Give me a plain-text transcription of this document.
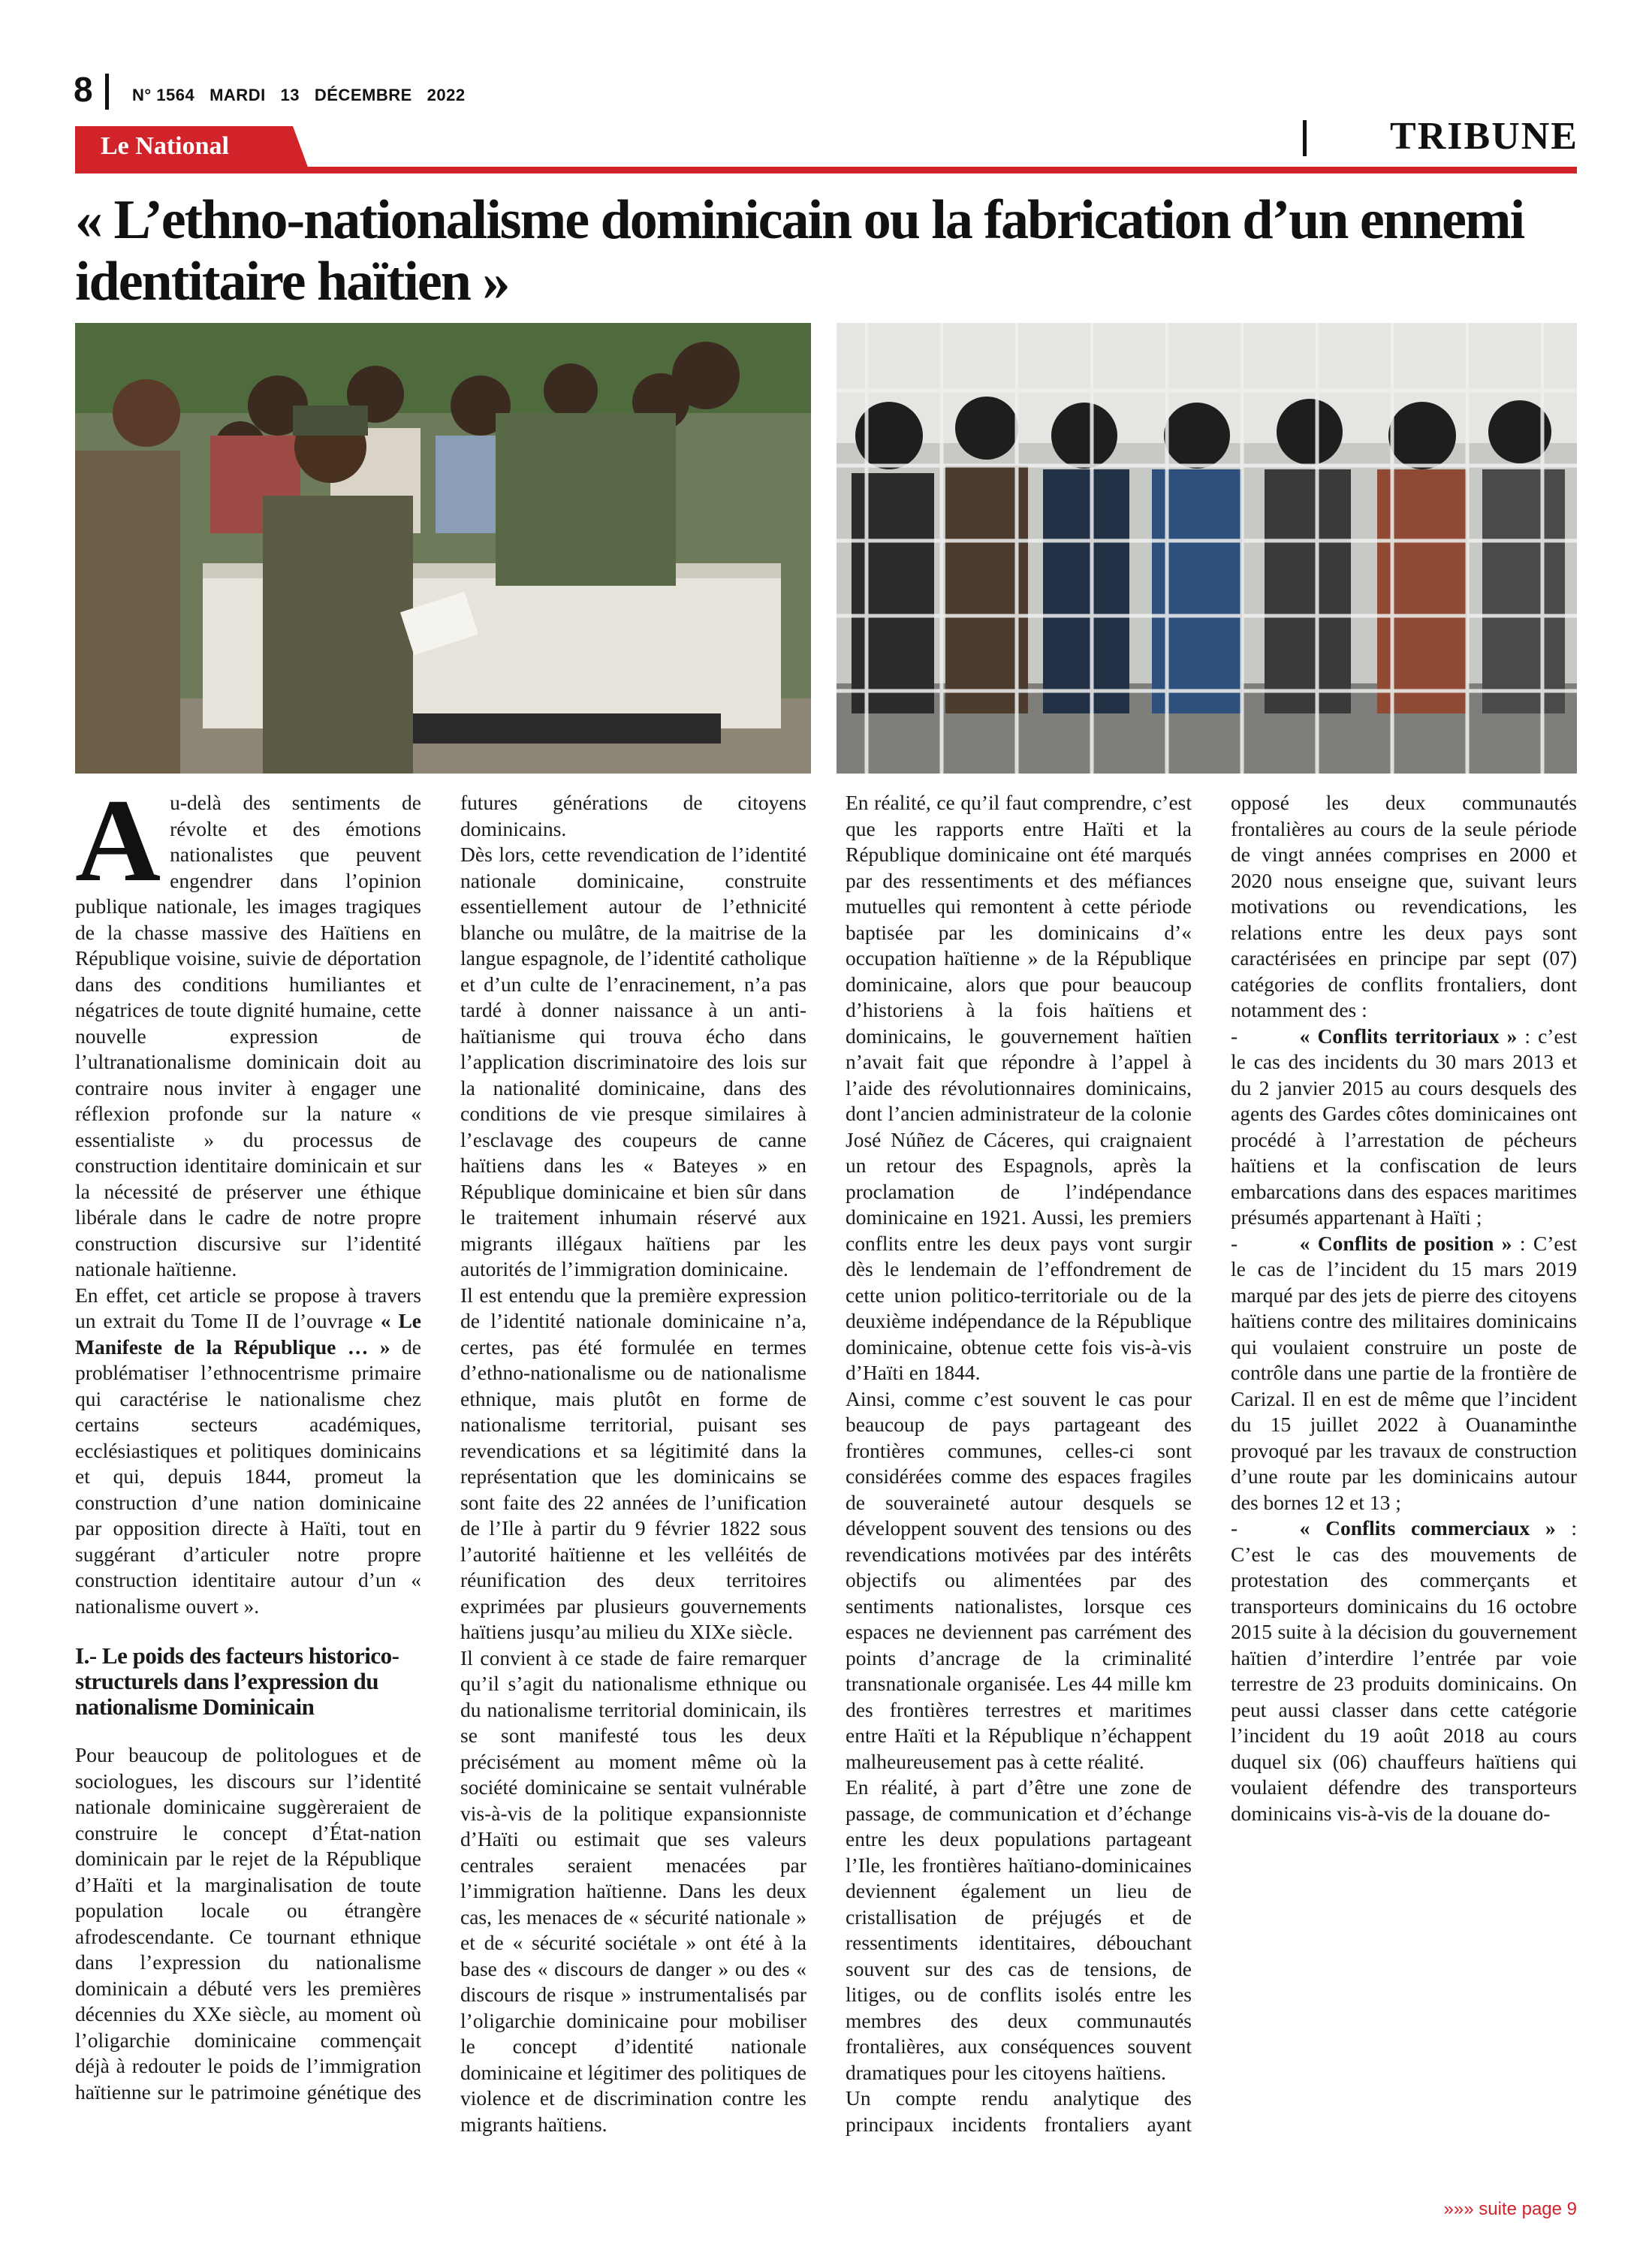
8 N° 1564 MARDI 13 DÉCEMBRE 2022
Le National	TRIBUNE
« L’ethno-nationalisme dominicain ou la fabrication d’un ennemi identitaire haïtien »

Au-delà des sentiments de révolte et des émotions nationalistes que peuvent engendrer dans l’opinion publique nationale, les images tragiques de la chasse massive des Haïtiens en République voisine, suivie de déportation dans des conditions humiliantes et négatrices de toute dignité humaine, cette nouvelle expression de l’ultranationalisme dominicain doit au contraire nous inviter à engager une réflexion profonde sur la nature « essentialiste » du processus de construction identitaire dominicain et sur la nécessité de préserver une éthique libérale dans le cadre de notre propre construction discursive sur l’identité nationale haïtienne.

En effet, cet article se propose à travers un extrait du Tome II de l’ouvrage « Le Manifeste de la République … » de problématiser l’ethnocentrisme primaire qui caractérise le nationalisme chez certains secteurs académiques, ecclésiastiques et politiques dominicains et qui, depuis 1844, promeut la construction d’une nation dominicaine par opposition directe à Haïti, tout en suggérant d’articuler notre propre construction identitaire autour d’un « nationalisme ouvert ».

I.- Le poids des facteurs historico-structurels dans l’expression du nationalisme Dominicain

Pour beaucoup de politologues et de sociologues, les discours sur l’identité nationale dominicaine suggèreraient de construire le concept d’État-nation dominicain par le rejet de la République d’Haïti et la marginalisation de toute population locale ou étrangère afrodescendante. Ce tournant ethnique dans l’expression du nationalisme dominicain a débuté vers les premières décennies du XXe siècle, au moment où l’oligarchie dominicaine commençait déjà à redouter le poids de l’immigration haïtienne sur le patrimoine génétique des futures générations de citoyens dominicains.

Dès lors, cette revendication de l’identité nationale dominicaine, construite essentiellement autour de l’ethnicité blanche ou mulâtre, de la maitrise de la langue espagnole, de l’identité catholique et d’un culte de l’enracinement, n’a pas tardé à donner naissance à un anti-haïtianisme qui trouva écho dans l’application discriminatoire des lois sur la nationalité dominicaine, dans des conditions de vie presque similaires à l’esclavage des coupeurs de canne haïtiens dans les « Bateyes » en République dominicaine et bien sûr dans le traitement inhumain réservé aux migrants illégaux haïtiens par les autorités de l’immigration dominicaine.

Il est entendu que la première expression de l’identité nationale dominicaine n’a, certes, pas été formulée en termes d’ethno-nationalisme ou de nationalisme ethnique, mais plutôt en forme de nationalisme territorial, puisant ses revendications et sa légitimité dans la représentation que les dominicains se sont faite des 22 années de l’unification de l’Ile à partir du 9 février 1822 sous l’autorité haïtienne et les velléités de réunification des deux territoires exprimées par plusieurs gouvernements haïtiens jusqu’au milieu du XIXe siècle.

Il convient à ce stade de faire remarquer qu’il s’agit du nationalisme ethnique ou du nationalisme territorial dominicain, ils se sont manifesté tous les deux précisément au moment même où la société dominicaine se sentait vulnérable vis-à-vis de la politique expansionniste d’Haïti ou estimait que ses valeurs centrales seraient menacées par l’immigration haïtienne. Dans les deux cas, les menaces de « sécurité nationale » et de « sécurité sociétale » ont été à la base des « discours de danger » ou des « discours de risque » instrumentalisés par l’oligarchie dominicaine pour mobiliser le concept d’identité nationale dominicaine et légitimer des politiques de violence et de discrimination contre les migrants haïtiens.

En réalité, ce qu’il faut comprendre, c’est que les rapports entre Haïti et la République dominicaine ont été marqués par des ressentiments et des méfiances mutuelles qui remontent à cette période baptisée par les dominicains d’« occupation haïtienne » de la République dominicaine, alors que pour beaucoup d’historiens à la fois haïtiens et dominicains, le gouvernement haïtien n’avait fait que répondre à l’appel à l’aide des révolutionnaires dominicains, dont l’ancien administrateur de la colonie José Núñez de Cáceres, qui craignaient un retour des Espagnols, après la proclamation de l’indépendance dominicaine en 1921. Aussi, les premiers conflits entre les deux pays vont surgir dès le lendemain de l’effondrement de cette union politico-territoriale ou de la deuxième indépendance de la République dominicaine, obtenue cette fois vis-à-vis d’Haïti en 1844.

Ainsi, comme c’est souvent le cas pour beaucoup de pays partageant des frontières communes, celles-ci sont considérées comme des espaces fragiles de souveraineté autour desquels se développent souvent des tensions ou des revendications motivées par des intérêts objectifs ou alimentées par des sentiments nationalistes, lorsque ces espaces ne deviennent pas carrément des points d’ancrage de la criminalité transnationale organisée. Les 44 mille km des frontières terrestres et maritimes entre Haïti et la République n’échappent malheureusement pas à cette réalité.

En réalité, à part d’être une zone de passage, de communication et d’échange entre les deux populations partageant l’Ile, les frontières haïtiano-dominicaines deviennent également un lieu de cristallisation de préjugés et de ressentiments identitaires, débouchant souvent sur des cas de tensions, de litiges, ou de conflits isolés entre les membres des deux communautés frontalières, aux conséquences souvent dramatiques pour les citoyens haïtiens.

Un compte rendu analytique des principaux incidents frontaliers ayant opposé les deux communautés frontalières au cours de la seule période de vingt années comprises en 2000 et 2020 nous enseigne que, suivant leurs motivations ou revendications, les relations entre les deux pays sont caractérisées en principe par sept (07) catégories de conflits frontaliers, dont notamment des :

-   	« Conflits territoriaux » : c’est le cas des incidents du 30 mars 2013 et du 2 janvier 2015 au cours desquels des agents des Gardes côtes dominicaines ont procédé à l’arrestation de pécheurs haïtiens et la confiscation de leurs embarcations dans des espaces maritimes présumés appartenant à Haïti ;

-   	« Conflits de position » : C’est le cas de l’incident du 15 mars 2019 marqué par des jets de pierre des citoyens haïtiens contre des militaires dominicains qui voulaient construire un poste de contrôle dans une partie de la frontière de Carizal. Il en est de même que l’incident du 15 juillet 2022 à Ouanaminthe provoqué par les travaux de construction d’une route par les dominicains autour des bornes 12 et 13 ;

-   	« Conflits commerciaux » : C’est le cas des mouvements de protestation des commerçants et transporteurs dominicains du 16 octobre 2015 suite à la décision du gouvernement haïtien d’interdire l’entrée par voie terrestre de 23 produits dominicains. On peut aussi classer dans cette catégorie l’incident du 19 août 2018 au cours duquel six (06) chauffeurs haïtiens qui voulaient défendre des transporteurs dominicains vis-à-vis de la douane do-

»»» suite page 9
